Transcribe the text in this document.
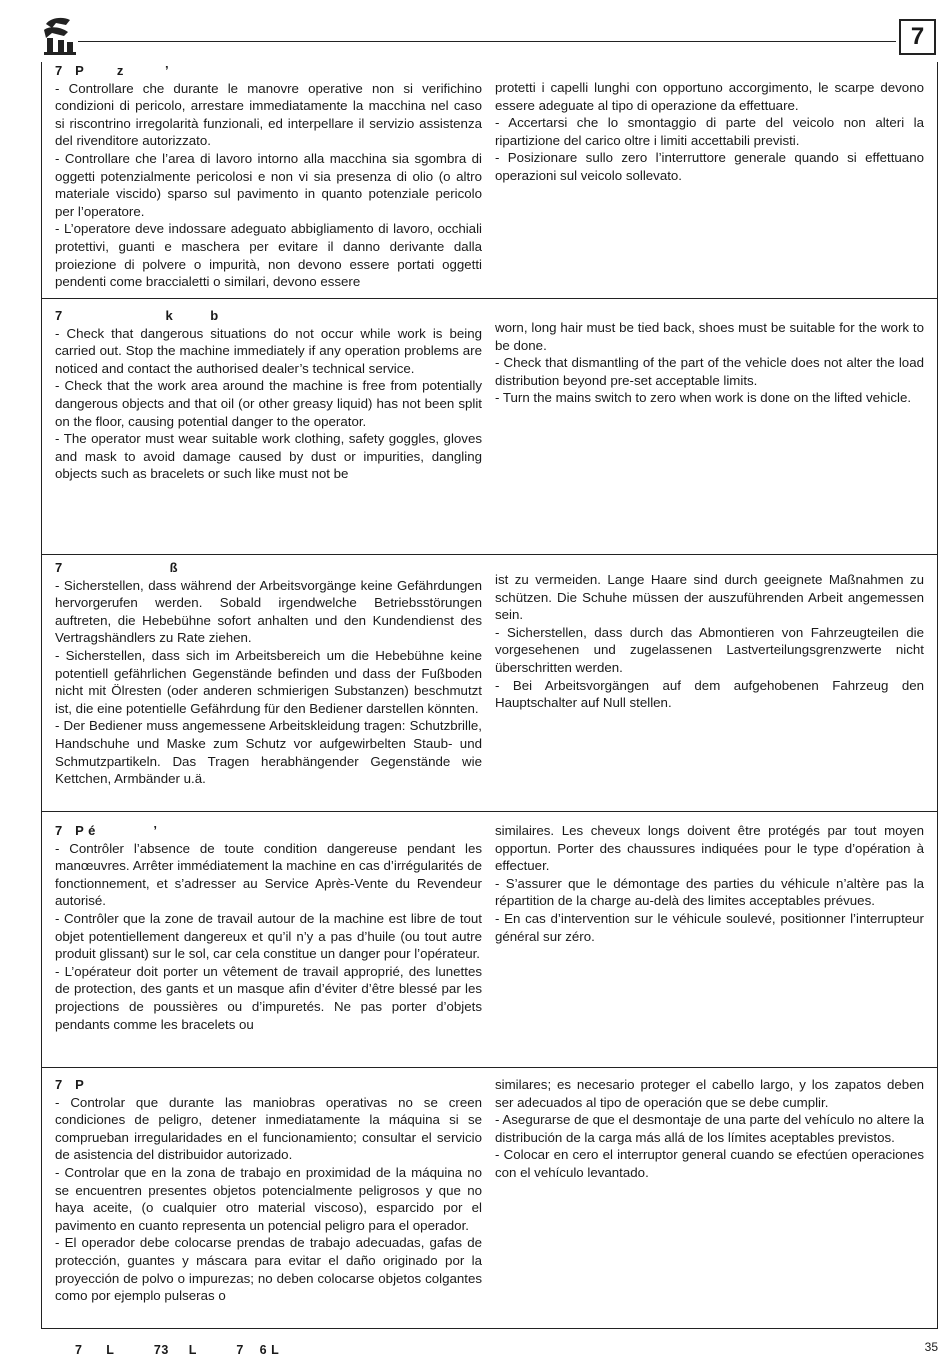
7
7   P        z          ’

- Controllare che durante le manovre operative non si verifichino condizioni di pericolo, arrestare immediatamente la macchina nel caso si riscontrino irregolarità funzionali, ed interpellare il servizio assistenza del rivenditore autorizzato.

- Controllare che l’area di lavoro intorno alla macchina sia sgombra di oggetti potenzialmente pericolosi e non vi sia presenza di olio (o altro materiale viscido) sparso sul pavimento in quanto potenziale pericolo per l’operatore.

- L’operatore deve indossare adeguato abbigliamento di lavoro, occhiali protettivi, guanti e maschera per evitare il danno derivante dalla proiezione di polvere o impurità, non devono essere portati oggetti pendenti come braccialetti o similari, devono essere

protetti i capelli lunghi con opportuno accorgimento, le scarpe devono essere adeguate al tipo di operazione da effettuare.

- Accertarsi che lo smontaggio di parte del veicolo non alteri la ripartizione del carico oltre i limiti accettabili previsti.

- Posizionare sullo zero l’interruttore generale quando si effettuano operazioni sul veicolo sollevato.

7                         k         b

- Check that dangerous situations do not occur while work is being carried out. Stop the machine immediately if any operation problems are noticed and contact the authorised dealer’s technical service.

- Check that the work area around the machine is free from potentially dangerous objects and that oil (or other greasy liquid) has not been split on the floor, causing potential danger to the operator.

- The operator must wear suitable work clothing, safety goggles, gloves and mask to avoid damage caused by dust or impurities, dangling objects such as bracelets or such like must not be

worn, long hair must be tied back, shoes must be suitable for the work to be done.

- Check that dismantling of the part of the vehicle does not alter the load distribution beyond pre-set acceptable limits.

- Turn the mains switch to zero when work is done on the lifted vehicle.

7                          ß

- Sicherstellen, dass während der Arbeitsvorgänge keine Gefährdungen hervorgerufen werden. Sobald irgendwelche Betriebsstörungen auftreten, die Hebebühne sofort anhalten und den Kundendienst des Vertragshändlers zu Rate ziehen.

- Sicherstellen, dass sich im Arbeitsbereich um die Hebebühne keine potentiell gefährlichen Gegenstände befinden und dass der Fußboden nicht mit Ölresten (oder anderen schmierigen Substanzen) beschmutzt ist, die eine potentielle Gefährdung für den Bediener darstellen könnten.

- Der Bediener muss angemessene Arbeitskleidung tragen: Schutzbrille, Handschuhe und Maske zum Schutz vor aufgewirbelten Staub- und Schmutzpartikeln. Das Tragen herabhängender Gegenstände wie Kettchen, Armbänder u.ä.

ist zu vermeiden. Lange Haare sind durch geeignete Maßnahmen zu schützen. Die Schuhe müssen der auszuführenden Arbeit angemessen sein.

- Sicherstellen, dass durch das Abmontieren von Fahrzeugteilen die vorgesehenen und zugelassenen Lastverteilungsgrenzwerte nicht überschritten werden.

- Bei Arbeitsvorgängen auf dem aufgehobenen Fahrzeug den Hauptschalter auf Null stellen.

7   P é              ’

- Contrôler l’absence de toute condition dangereuse pendant les manœuvres. Arrêter immédiatement la machine en cas d’irrégularités de fonctionnement, et s’adresser au Service Après-Vente du Revendeur autorisé.

- Contrôler que la zone de travail autour de la machine est libre de tout objet potentiellement dangereux et qu’il n’y a pas d’huile (ou tout autre produit glissant) sur le sol, car cela constitue un danger pour l’opérateur.

- L’opérateur doit porter un vêtement de travail approprié, des lunettes de protection, des gants et un masque afin d’éviter d’être blessé par les projections de poussières ou d’impuretés. Ne pas porter d’objets pendants comme les bracelets ou

similaires. Les cheveux longs doivent être protégés par tout moyen opportun. Porter des chaussures indiquées pour le type d’opération à effectuer.

- S’assurer que le démontage des parties du véhicule n’altère pas la répartition de la charge au-delà des limites acceptables prévues.

- En cas d’intervention sur le véhicule soulevé, positionner l’interrupteur général sur zéro.

7   P

- Controlar que durante las maniobras operativas no se creen condiciones de peligro, detener inmediatamente la máquina si se comprueban irregularidades en el funcionamiento; consultar el servicio de asistencia del distribuidor autorizado.

- Controlar que en la zona de trabajo en proximidad de la máquina no se encuentren presentes objetos potencialmente peligrosos y que no haya aceite, (o cualquier otro material viscoso), esparcido por el pavimento en cuanto representa un potencial peligro para el operador.

- El operador debe colocarse prendas de trabajo adecuadas, gafas de protección, guantes y máscara para evitar el daño originado por la proyección de polvo o impurezas; no deben colocarse objetos colgantes como por ejemplo pulseras o

similares; es necesario proteger el cabello largo, y los zapatos deben ser adecuados al tipo de operación que se debe cumplir.

- Asegurarse de que el desmontaje de una parte del vehículo no altere la distribución de la carga más allá de los límites aceptables previstos.

- Colocar en cero el interruptor general cuando se efectúen operaciones con el vehículo levantado.

7      L          73     L          7    6 L	35
